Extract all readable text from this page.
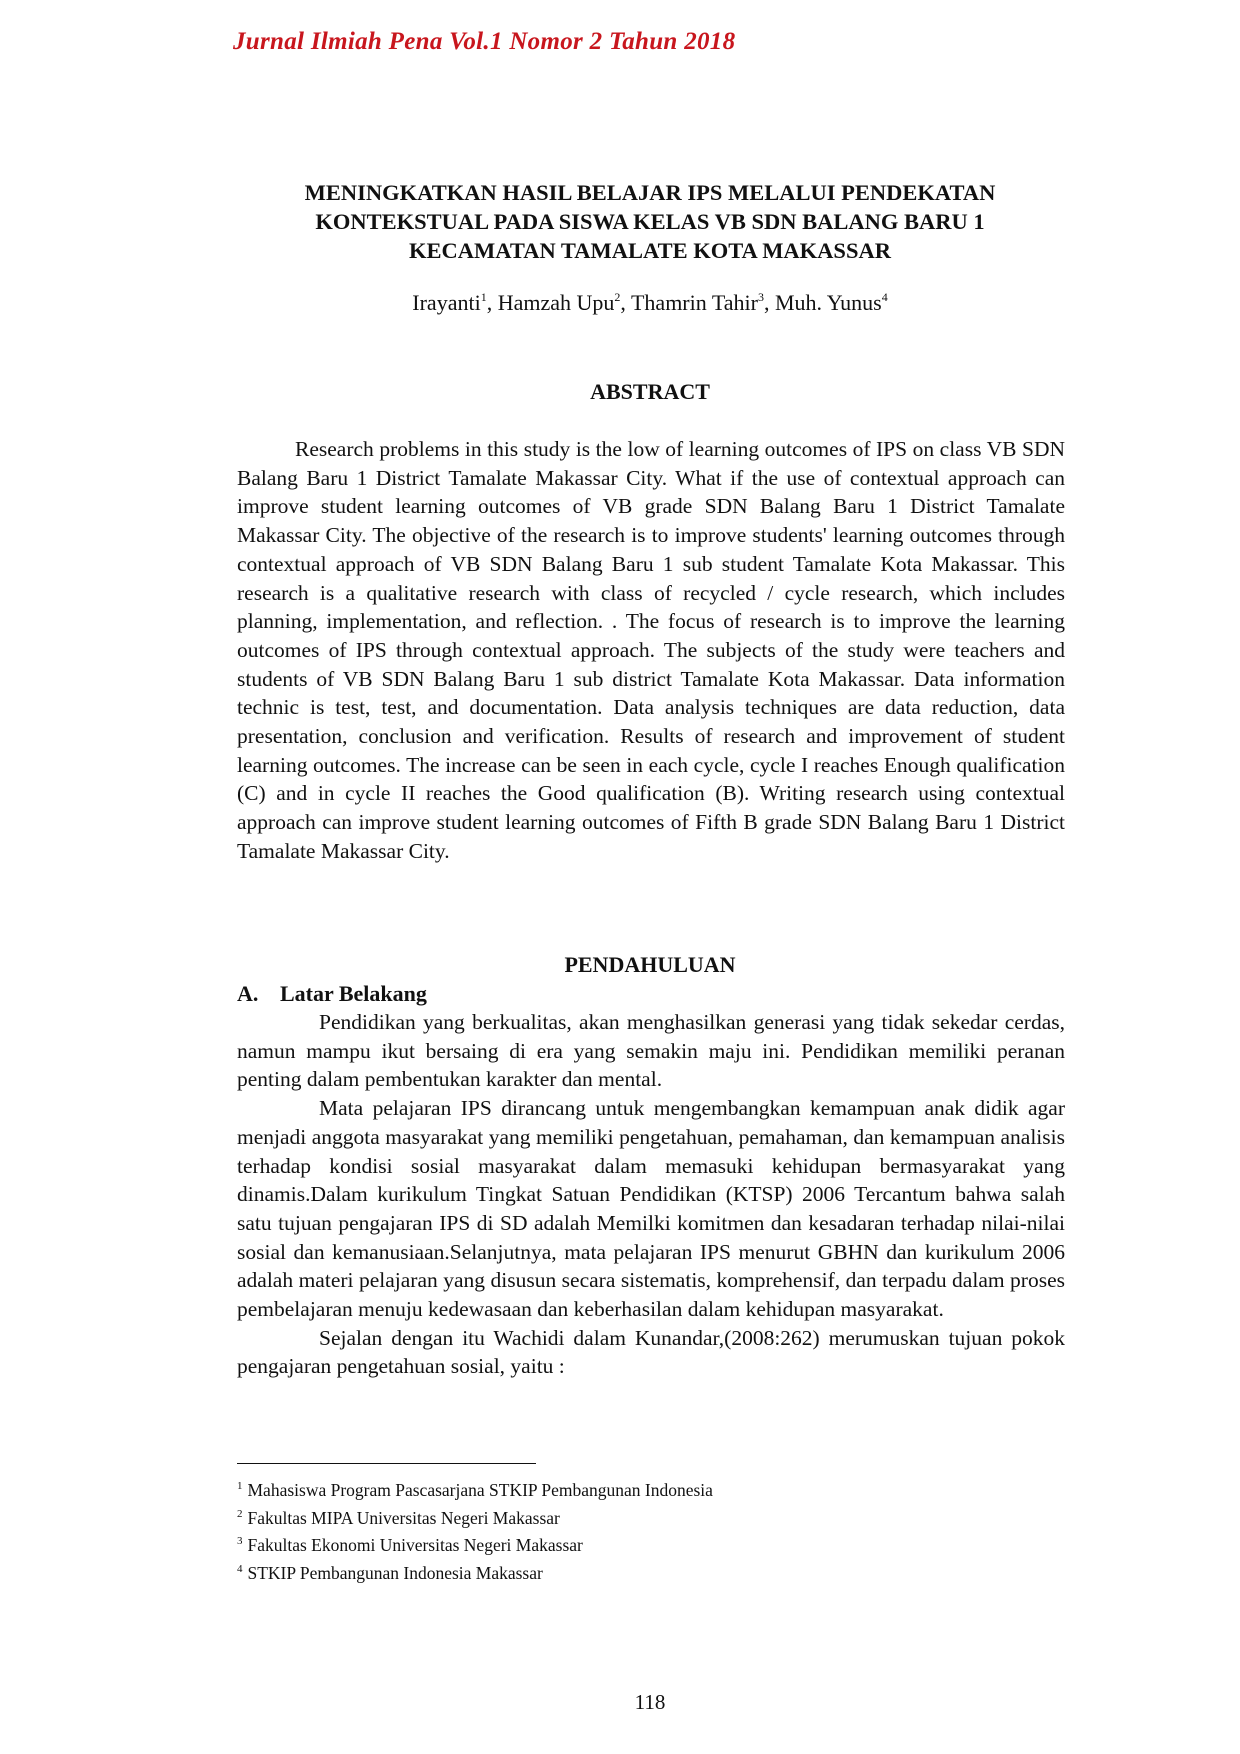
Jurnal Ilmiah Pena Vol.1 Nomor 2 Tahun 2018
MENINGKATKAN HASIL BELAJAR IPS MELALUI PENDEKATAN
KONTEKSTUAL PADA SISWA KELAS VB SDN BALANG BARU 1
KECAMATAN TAMALATE KOTA MAKASSAR
Irayanti$^1$, Hamzah Upu$^2$, Thamrin Tahir$^3$, Muh. Yunus$^4$
ABSTRACT

Research problems in this study is the low of learning outcomes of IPS on class VB SDN Balang Baru 1 District Tamalate Makassar City. What if the use of contextual approach can improve student learning outcomes of VB grade SDN Balang Baru 1 District Tamalate Makassar City. The objective of the research is to improve students' learning outcomes through contextual approach of VB SDN Balang Baru 1 sub student Tamalate Kota Makassar. This research is a qualitative research with class of recycled / cycle research, which includes planning, implementation, and reflection. . The focus of research is to improve the learning outcomes of IPS through contextual approach. The subjects of the study were teachers and students of VB SDN Balang Baru 1 sub district Tamalate Kota Makassar. Data information technic is test, test, and documentation. Data analysis techniques are data reduction, data presentation, conclusion and verification. Results of research and improvement of student learning outcomes. The increase can be seen in each cycle, cycle I reaches Enough qualification (C) and in cycle II reaches the Good qualification (B). Writing research using contextual approach can improve student learning outcomes of Fifth B grade SDN Balang Baru 1 District Tamalate Makassar City.

PENDAHULUAN
A. Latar Belakang

Pendidikan yang berkualitas, akan menghasilkan generasi yang tidak sekedar cerdas, namun mampu ikut bersaing di era yang semakin maju ini. Pendidikan memiliki peranan penting dalam pembentukan karakter dan mental.

Mata pelajaran IPS dirancang untuk mengembangkan kemampuan anak didik agar menjadi anggota masyarakat yang memiliki pengetahuan, pemahaman, dan kemampuan analisis terhadap kondisi sosial masyarakat dalam memasuki kehidupan bermasyarakat yang dinamis.Dalam kurikulum Tingkat Satuan Pendidikan (KTSP) 2006 Tercantum bahwa salah satu tujuan pengajaran IPS di SD adalah Memilki komitmen dan kesadaran terhadap nilai-nilai sosial dan kemanusiaan.Selanjutnya, mata pelajaran IPS menurut GBHN dan kurikulum 2006 adalah materi pelajaran yang disusun secara sistematis, komprehensif, dan terpadu dalam proses pembelajaran menuju kedewasaan dan keberhasilan dalam kehidupan masyarakat.

Sejalan dengan itu Wachidi dalam Kunandar,(2008:262) merumuskan tujuan pokok pengajaran pengetahuan sosial, yaitu :

$^1$ Mahasiswa Program Pascasarjana STKIP Pembangunan Indonesia
$^2$ Fakultas MIPA Universitas Negeri Makassar
$^3$ Fakultas Ekonomi Universitas Negeri Makassar
$^4$ STKIP Pembangunan Indonesia Makassar
118
